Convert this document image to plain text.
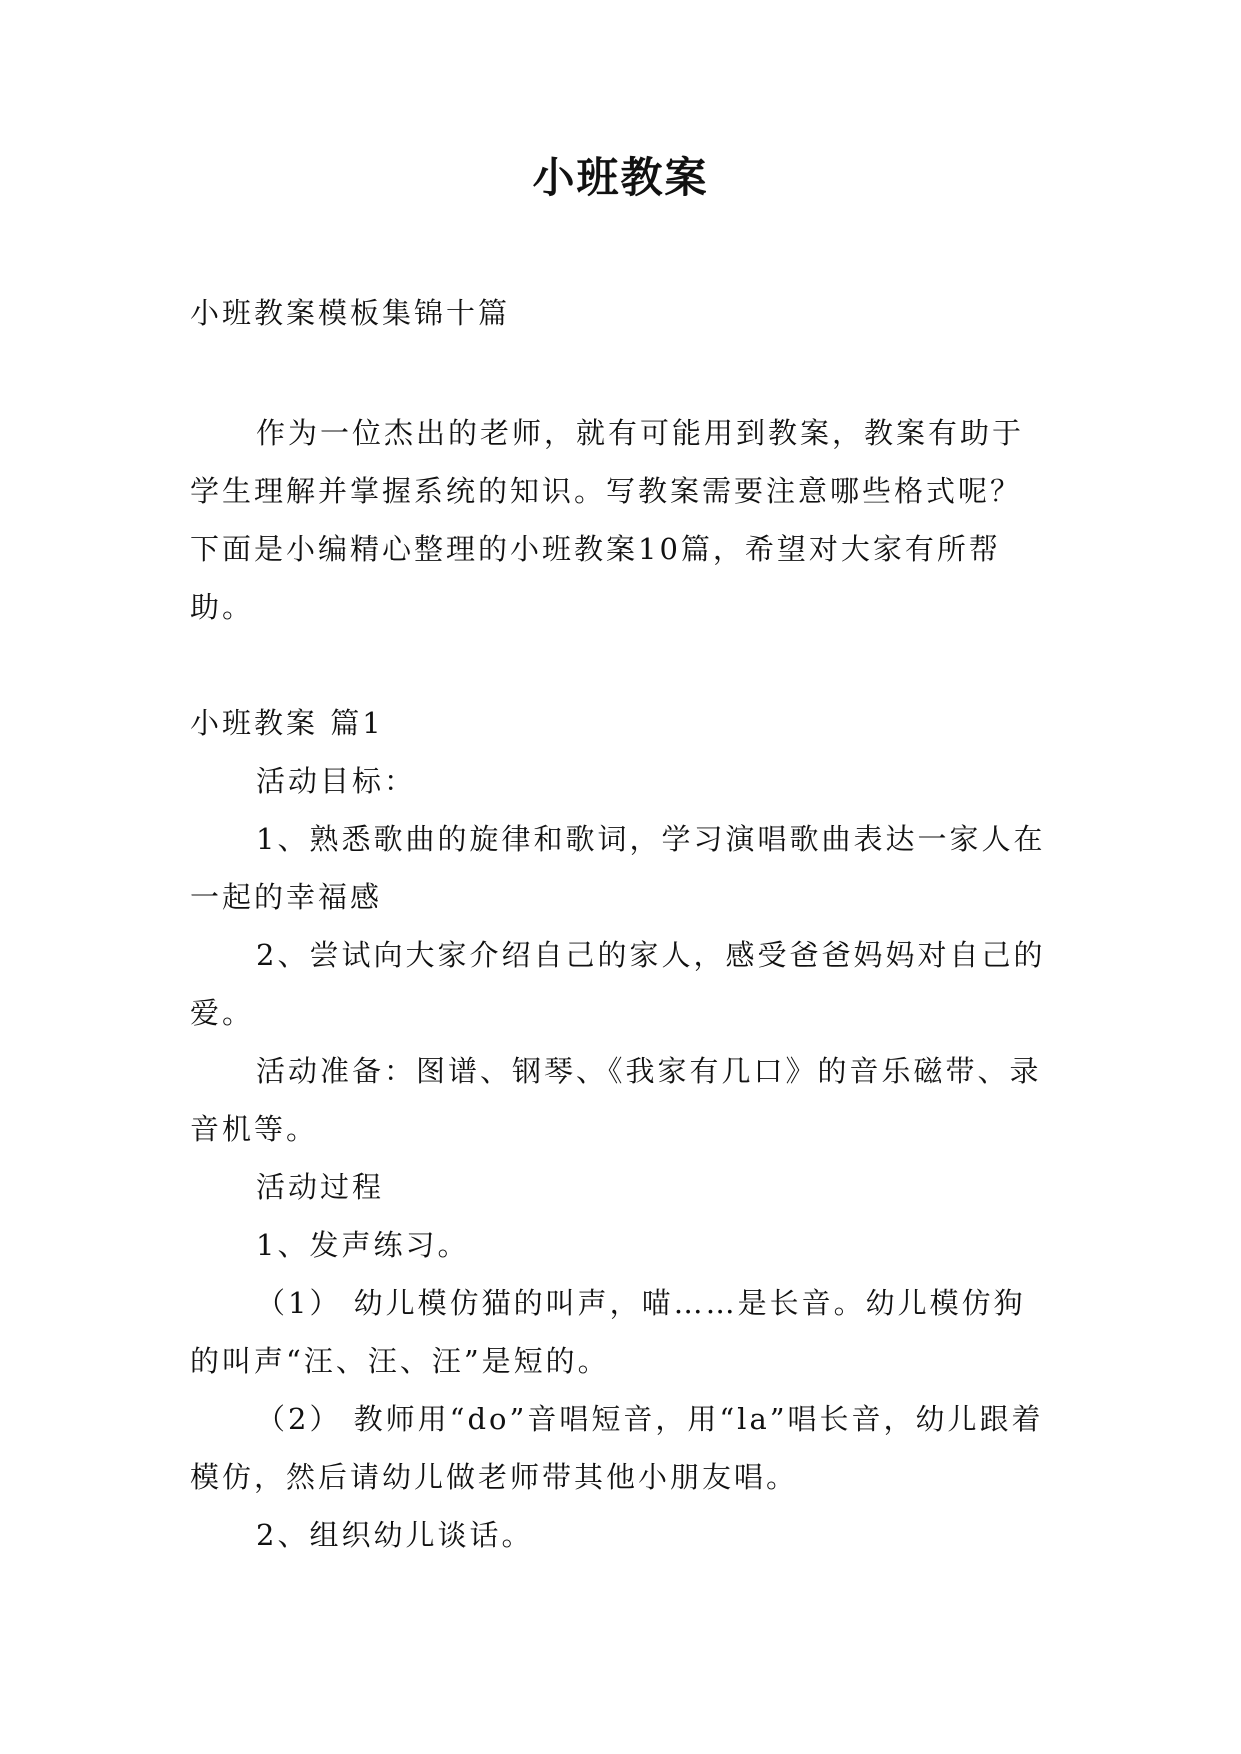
小班教案

小班教案模板集锦十篇

作为一位杰出的老师，就有可能用到教案，教案有助于学生理解并掌握系统的知识。写教案需要注意哪些格式呢？下面是小编精心整理的小班教案10篇，希望对大家有所帮助。

小班教案 篇1

活动目标：

1、熟悉歌曲的旋律和歌词，学习演唱歌曲表达一家人在一起的幸福感

2、尝试向大家介绍自己的家人，感受爸爸妈妈对自己的爱。

活动准备：图谱、钢琴、《我家有几口》的音乐磁带、录音机等。

活动过程

1、发声练习。

（1） 幼儿模仿猫的叫声，喵……是长音。幼儿模仿狗的叫声“汪、汪、汪”是短的。

（2） 教师用“do”音唱短音，用“la”唱长音，幼儿跟着模仿，然后请幼儿做老师带其他小朋友唱。

2、组织幼儿谈话。
